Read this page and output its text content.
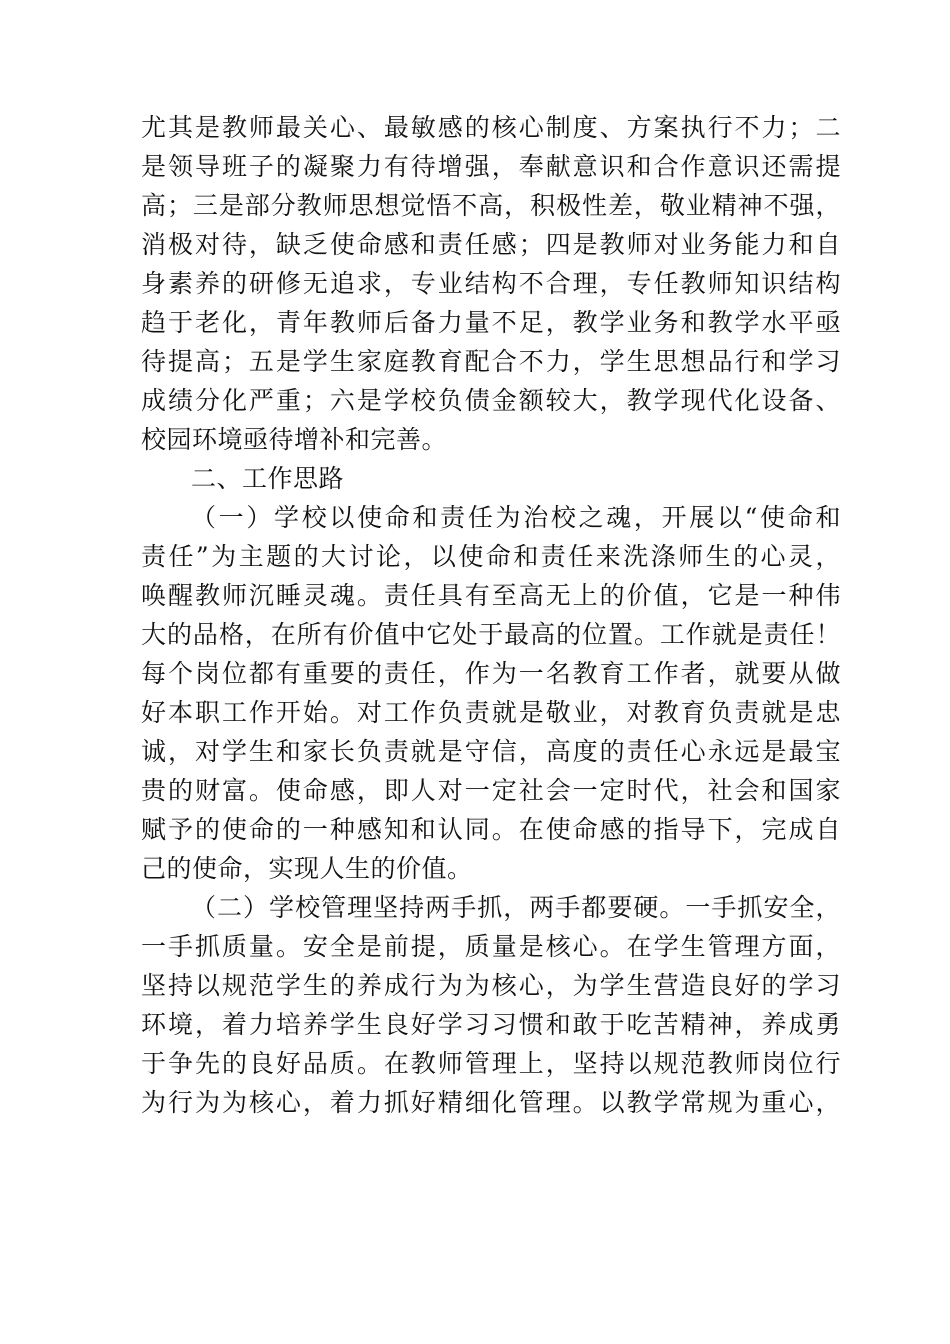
尤其是教师最关心、最敏感的核心制度、方案执行不力；二
是领导班子的凝聚力有待增强，奉献意识和合作意识还需提
高；三是部分教师思想觉悟不高，积极性差，敬业精神不强，
消极对待，缺乏使命感和责任感；四是教师对业务能力和自
身素养的研修无追求，专业结构不合理，专任教师知识结构
趋于老化，青年教师后备力量不足，教学业务和教学水平亟
待提高；五是学生家庭教育配合不力，学生思想品行和学习
成绩分化严重；六是学校负债金额较大，教学现代化设备、
校园环境亟待增补和完善。
二、工作思路
（一）学校以使命和责任为治校之魂，开展以“使命和
责任”为主题的大讨论，以使命和责任来洗涤师生的心灵，
唤醒教师沉睡灵魂。责任具有至高无上的价值，它是一种伟
大的品格，在所有价值中它处于最高的位置。工作就是责任！
每个岗位都有重要的责任，作为一名教育工作者，就要从做
好本职工作开始。对工作负责就是敬业，对教育负责就是忠
诚，对学生和家长负责就是守信，高度的责任心永远是最宝
贵的财富。使命感，即人对一定社会一定时代，社会和国家
赋予的使命的一种感知和认同。在使命感的指导下，完成自
己的使命，实现人生的价值。
（二）学校管理坚持两手抓，两手都要硬。一手抓安全，
一手抓质量。安全是前提，质量是核心。在学生管理方面，
坚持以规范学生的养成行为为核心，为学生营造良好的学习
环境，着力培养学生良好学习习惯和敢于吃苦精神，养成勇
于争先的良好品质。在教师管理上，坚持以规范教师岗位行
为行为为核心，着力抓好精细化管理。以教学常规为重心，
